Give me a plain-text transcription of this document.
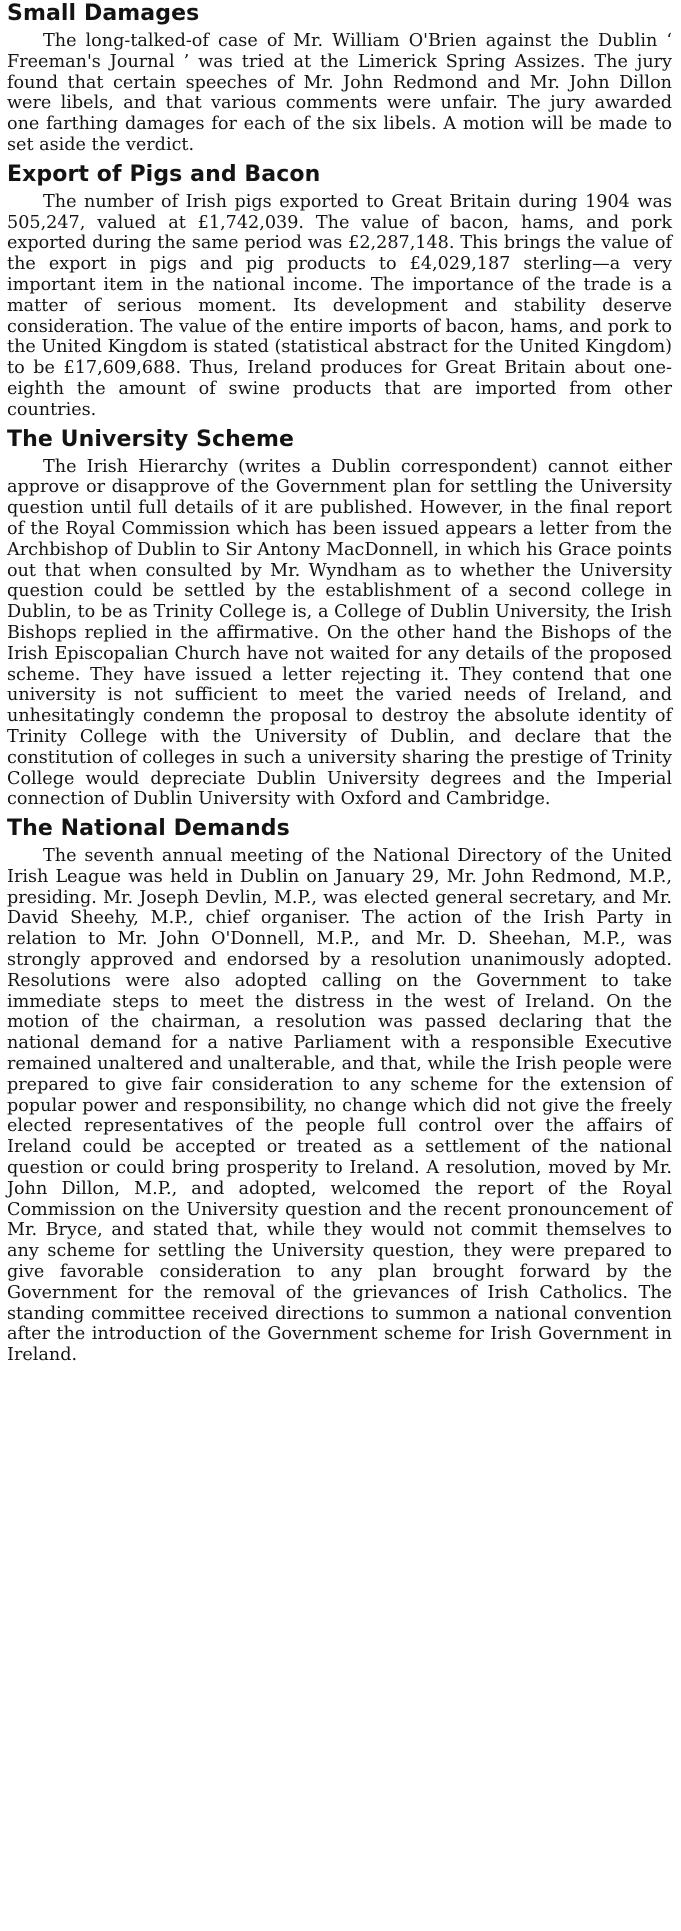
Small Damages

The long-talked-of case of Mr. William O'Brien against the Dublin ‘ Freeman's Journal ’ was tried at the Limerick Spring Assizes. The jury found that certain speeches of Mr. John Redmond and Mr. John Dillon were libels, and that various comments were unfair. The jury awarded one farthing damages for each of the six libels. A motion will be made to set aside the verdict.

Export of Pigs and Bacon

The number of Irish pigs exported to Great Britain during 1904 was 505,247, valued at £1,742,039. The value of bacon, hams, and pork exported during the same period was £2,287,148. This brings the value of the export in pigs and pig products to £4,029,187 sterling—a very important item in the national income. The importance of the trade is a matter of serious moment. Its development and stability deserve consideration. The value of the entire imports of bacon, hams, and pork to the United Kingdom is stated (statistical abstract for the United Kingdom) to be £17,609,688. Thus, Ireland produces for Great Britain about one-eighth the amount of swine products that are imported from other countries.

The University Scheme

The Irish Hierarchy (writes a Dublin correspondent) cannot either approve or disapprove of the Government plan for settling the University question until full details of it are published. However, in the final report of the Royal Commission which has been issued appears a letter from the Archbishop of Dublin to Sir Antony MacDonnell, in which his Grace points out that when consulted by Mr. Wyndham as to whether the University question could be settled by the establishment of a second college in Dublin, to be as Trinity College is, a College of Dublin University, the Irish Bishops replied in the affirmative. On the other hand the Bishops of the Irish Episcopalian Church have not waited for any details of the proposed scheme. They have issued a letter rejecting it. They contend that one university is not sufficient to meet the varied needs of Ireland, and unhesitatingly condemn the proposal to destroy the absolute identity of Trinity College with the University of Dublin, and declare that the constitution of colleges in such a university sharing the prestige of Trinity College would depreciate Dublin University degrees and the Imperial connection of Dublin University with Oxford and Cambridge.

The National Demands

The seventh annual meeting of the National Directory of the United Irish League was held in Dublin on January 29, Mr. John Redmond, M.P., presiding. Mr. Joseph Devlin, M.P., was elected general secretary, and Mr. David Sheehy, M.P., chief organiser. The action of the Irish Party in relation to Mr. John O'Donnell, M.P., and Mr. D. Sheehan, M.P., was strongly approved and endorsed by a resolution unanimously adopted. Resolutions were also adopted calling on the Government to take immediate steps to meet the distress in the west of Ireland. On the motion of the chairman, a resolution was passed declaring that the national demand for a native Parliament with a responsible Executive remained unaltered and unalterable, and that, while the Irish people were prepared to give fair consideration to any scheme for the extension of popular power and responsibility, no change which did not give the freely elected representatives of the people full control over the affairs of Ireland could be accepted or treated as a settlement of the national question or could bring prosperity to Ireland. A resolution, moved by Mr. John Dillon, M.P., and adopted, welcomed the report of the Royal Commission on the University question and the recent pronouncement of Mr. Bryce, and stated that, while they would not commit themselves to any scheme for settling the University question, they were prepared to give favorable consideration to any plan brought forward by the Government for the removal of the grievances of Irish Catholics. The standing committee received directions to summon a national convention after the introduction of the Government scheme for Irish Government in Ireland.
